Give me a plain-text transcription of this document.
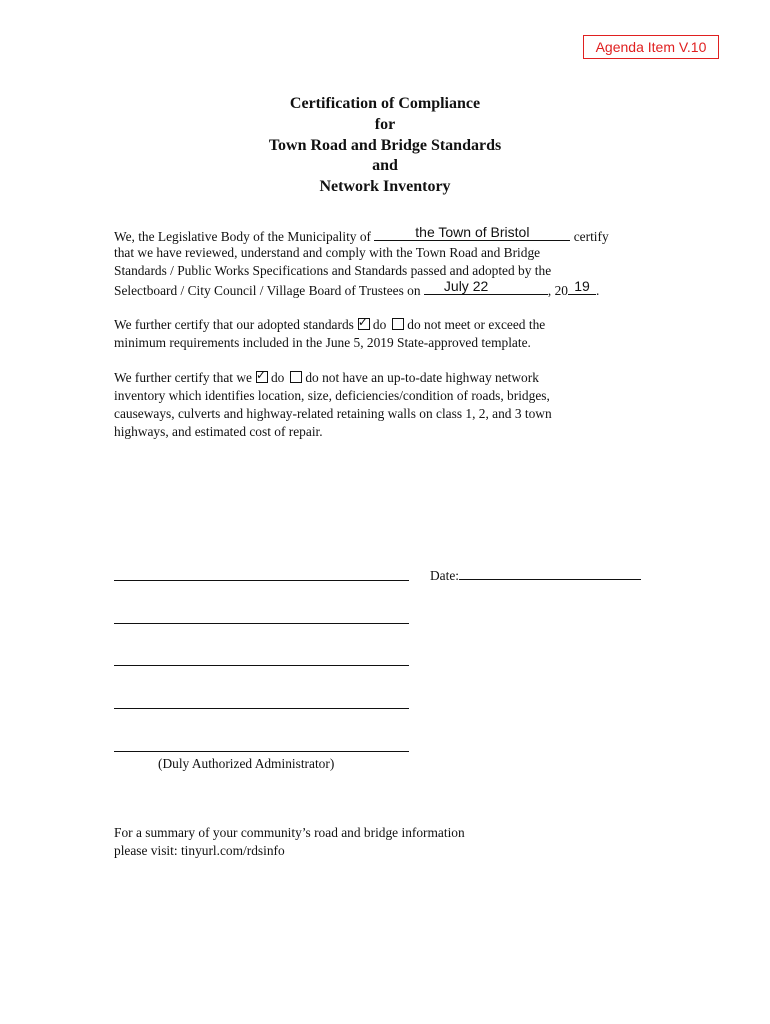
Agenda Item V.10
Certification of Compliance
for
Town Road and Bridge Standards
and
Network Inventory
We, the Legislative Body of the Municipality of	the Town of Bristol	certify
that we have reviewed, understand and comply with the Town Road and Bridge
Standards / Public Works Specifications and Standards passed and adopted by the
Selectboard / City Council / Village Board of Trustees on	July 22	, 20 19 .
We further certify that our adopted standards ✓ do do not meet or exceed the
minimum requirements included in the June 5, 2019 State-approved template.
We further certify that we ✓ do do not have an up-to-date highway network
inventory which identifies location, size, deficiencies/condition of roads, bridges,
causeways, culverts and highway-related retaining walls on class 1, 2, and 3 town
highways, and estimated cost of repair.
Date:
(Duly Authorized Administrator)
For a summary of your community’s road and bridge information
please visit: tinyurl.com/rdsinfo
